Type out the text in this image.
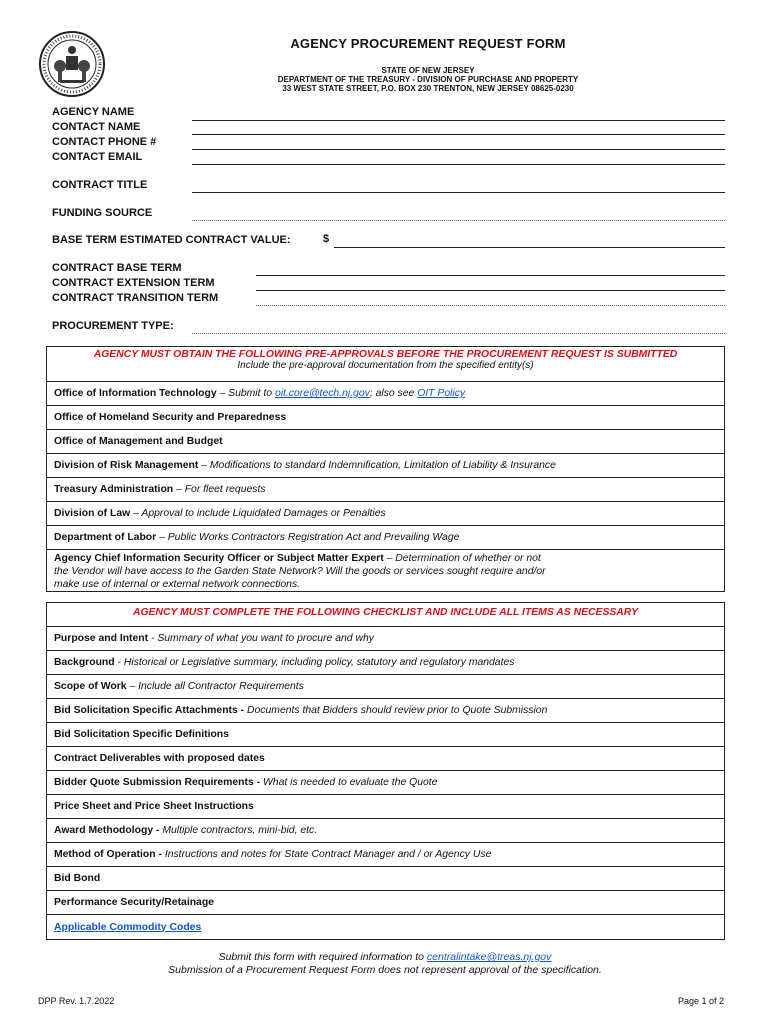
AGENCY PROCUREMENT REQUEST FORM
STATE OF NEW JERSEY
DEPARTMENT OF THE TREASURY - DIVISION OF PURCHASE AND PROPERTY
33 WEST STATE STREET, P.O. BOX 230 TRENTON, NEW JERSEY 08625-0230
AGENCY NAME
CONTACT NAME
CONTACT PHONE #
CONTACT EMAIL
CONTRACT TITLE
FUNDING SOURCE
BASE TERM ESTIMATED CONTRACT VALUE:	$
CONTRACT BASE TERM
CONTRACT EXTENSION TERM
CONTRACT TRANSITION TERM
PROCUREMENT TYPE:
AGENCY MUST OBTAIN THE FOLLOWING PRE-APPROVALS BEFORE THE PROCUREMENT REQUEST IS SUBMITTED
Include the pre-approval documentation from the specified entity(s)
Office of Information Technology – Submit to oit.core@tech.nj.gov; also see OIT Policy
Office of Homeland Security and Preparedness
Office of Management and Budget
Division of Risk Management – Modifications to standard Indemnification, Limitation of Liability & Insurance
Treasury Administration – For fleet requests
Division of Law – Approval to include Liquidated Damages or Penalties
Department of Labor – Public Works Contractors Registration Act and Prevailing Wage
Agency Chief Information Security Officer or Subject Matter Expert – Determination of whether or not
the Vendor will have access to the Garden State Network? Will the goods or services sought require and/or
make use of internal or external network connections.
AGENCY MUST COMPLETE THE FOLLOWING CHECKLIST AND INCLUDE ALL ITEMS AS NECESSARY
Purpose and Intent - Summary of what you want to procure and why
Background - Historical or Legislative summary, including policy, statutory and regulatory mandates
Scope of Work – Include all Contractor Requirements
Bid Solicitation Specific Attachments - Documents that Bidders should review prior to Quote Submission
Bid Solicitation Specific Definitions
Contract Deliverables with proposed dates
Bidder Quote Submission Requirements - What is needed to evaluate the Quote
Price Sheet and Price Sheet Instructions
Award Methodology - Multiple contractors, mini-bid, etc.
Method of Operation - Instructions and notes for State Contract Manager and / or Agency Use
Bid Bond
Performance Security/Retainage
Applicable Commodity Codes
Submit this form with required information to centralintake@treas.nj.gov
Submission of a Procurement Request Form does not represent approval of the specification.
DPP Rev. 1.7.2022	Page 1 of 2
